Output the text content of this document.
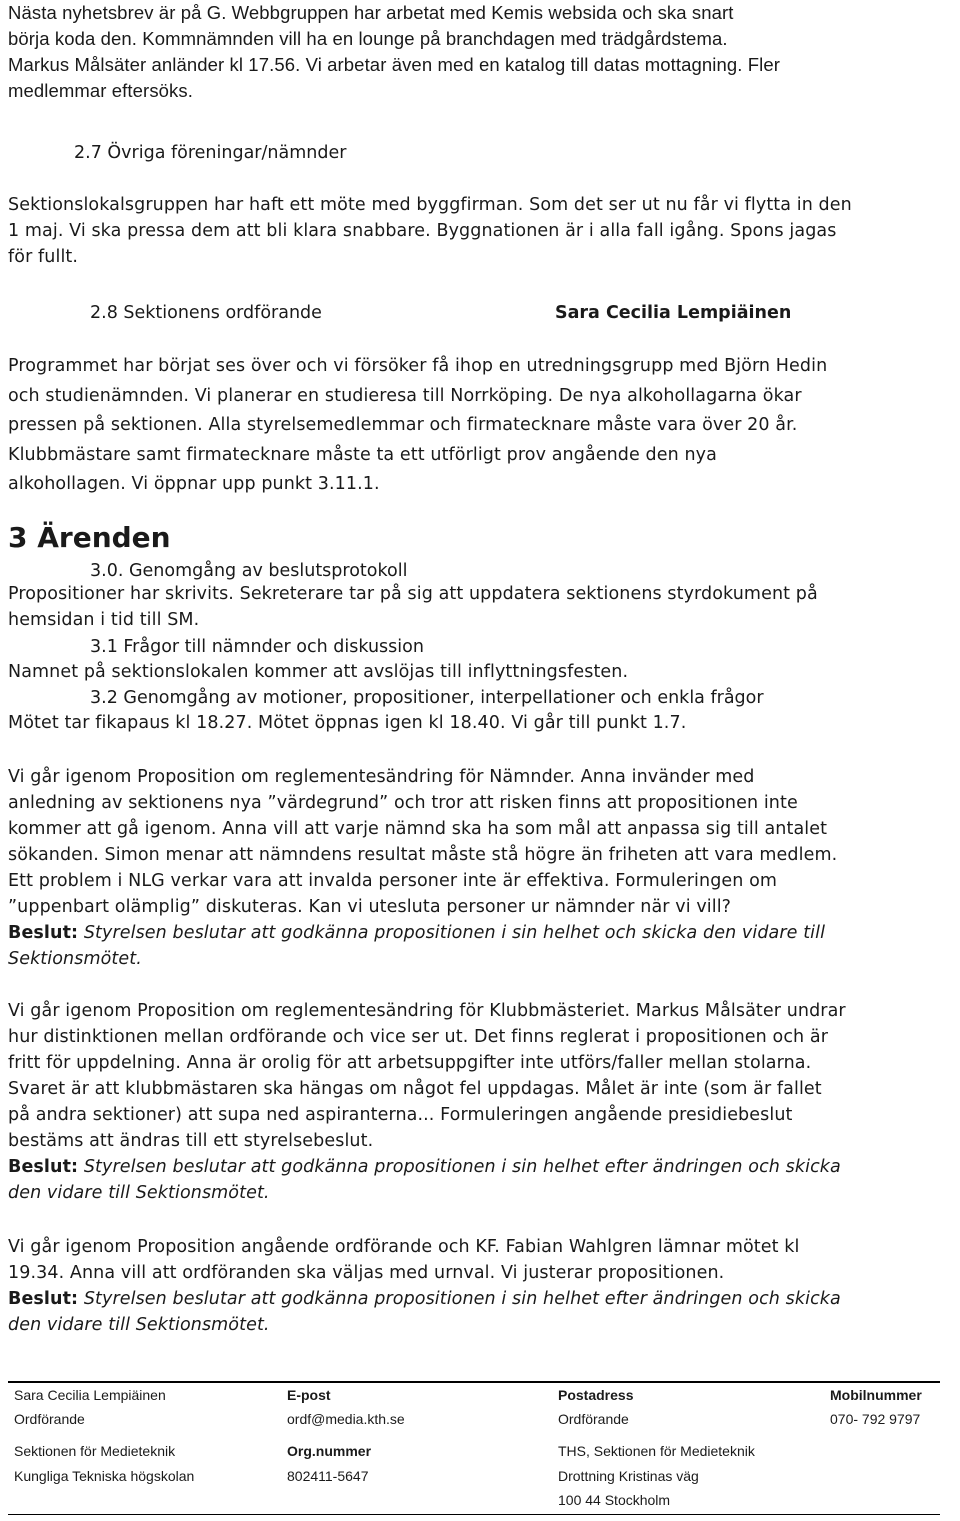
Nästa nyhetsbrev är på G. Webbgruppen har arbetat med Kemis websida och ska snart
börja koda den. Kommnämnden vill ha en lounge på branchdagen med trädgårdstema.
Markus Målsäter anländer kl 17.56. Vi arbetar även med en katalog till datas mottagning. Fler
medlemmar eftersöks.
2.7 Övriga föreningar/nämnder
Sektionslokalsgruppen har haft ett möte med byggfirman. Som det ser ut nu får vi flytta in den
1 maj. Vi ska pressa dem att bli klara snabbare. Byggnationen är i alla fall igång. Spons jagas
för fullt.
2.8 Sektionens ordförande	Sara Cecilia Lempiäinen
Programmet har börjat ses över och vi försöker få ihop en utredningsgrupp med Björn Hedin
och studienämnden. Vi planerar en studieresa till Norrköping. De nya alkohollagarna ökar
pressen på sektionen. Alla styrelsemedlemmar och firmatecknare måste vara över 20 år.
Klubbmästare samt firmatecknare måste ta ett utförligt prov angående den nya
alkohollagen. Vi öppnar upp punkt 3.11.1.
3 Ärenden
3.0. Genomgång av beslutsprotokoll
Propositioner har skrivits. Sekreterare tar på sig att uppdatera sektionens styrdokument på
hemsidan i tid till SM.
3.1 Frågor till nämnder och diskussion
Namnet på sektionslokalen kommer att avslöjas till inflyttningsfesten.
3.2 Genomgång av motioner, propositioner, interpellationer och enkla frågor
Mötet tar fikapaus kl 18.27. Mötet öppnas igen kl 18.40. Vi går till punkt 1.7.
Vi går igenom Proposition om reglementesändring för Nämnder. Anna invänder med
anledning av sektionens nya ”värdegrund” och tror att risken finns att propositionen inte
kommer att gå igenom. Anna vill att varje nämnd ska ha som mål att anpassa sig till antalet
sökanden. Simon menar att nämndens resultat måste stå högre än friheten att vara medlem.
Ett problem i NLG verkar vara att invalda personer inte är effektiva. Formuleringen om
”uppenbart olämplig” diskuteras. Kan vi utesluta personer ur nämnder när vi vill?
Beslut: Styrelsen beslutar att godkänna propositionen i sin helhet och skicka den vidare till
Sektionsmötet.
Vi går igenom Proposition om reglementesändring för Klubbmästeriet. Markus Målsäter undrar
hur distinktionen mellan ordförande och vice ser ut. Det finns reglerat i propositionen och är
fritt för uppdelning. Anna är orolig för att arbetsuppgifter inte utförs/faller mellan stolarna.
Svaret är att klubbmästaren ska hängas om något fel uppdagas. Målet är inte (som är fallet
på andra sektioner) att supa ned aspiranterna... Formuleringen angående presidiebeslut
bestäms att ändras till ett styrelsebeslut.
Beslut: Styrelsen beslutar att godkänna propositionen i sin helhet efter ändringen och skicka
den vidare till Sektionsmötet.
Vi går igenom Proposition angående ordförande och KF. Fabian Wahlgren lämnar mötet kl
19.34. Anna vill att ordföranden ska väljas med urnval. Vi justerar propositionen.
Beslut: Styrelsen beslutar att godkänna propositionen i sin helhet efter ändringen och skicka
den vidare till Sektionsmötet.
Sara Cecilia Lempiäinen
Ordförande
Sektionen för Medieteknik
Kungliga Tekniska högskolan
E-post
ordf@media.kth.se
Org.nummer
802411-5647
Postadress
Ordförande
THS, Sektionen för Medieteknik
Drottning Kristinas väg
100 44 Stockholm
Mobilnummer
070- 792 9797
